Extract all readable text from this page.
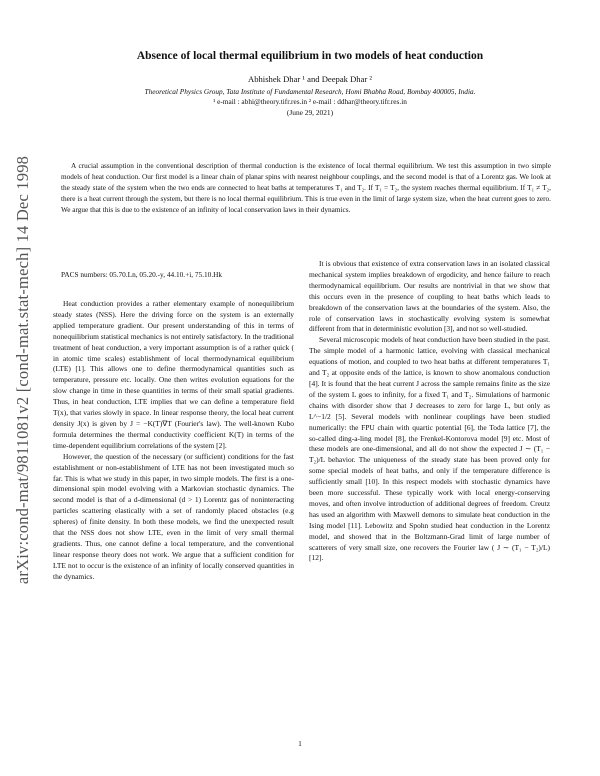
arXiv:cond-mat/9811081v2 [cond-mat.stat-mech] 14 Dec 1998
Absence of local thermal equilibrium in two models of heat conduction
Abhishek Dhar ¹ and Deepak Dhar ²
Theoretical Physics Group, Tata Institute of Fundamental Research, Homi Bhabha Road, Bombay 400005, India.
¹ e-mail : abhi@theory.tifr.res.in ² e-mail : ddhar@theory.tifr.res.in
(June 29, 2021)
A crucial assumption in the conventional description of thermal conduction is the existence of local thermal equilibrium. We test this assumption in two simple models of heat conduction. Our first model is a linear chain of planar spins with nearest neighbour couplings, and the second model is that of a Lorentz gas. We look at the steady state of the system when the two ends are connected to heat baths at temperatures T₁ and T₂. If T₁ = T₂, the system reaches thermal equilibrium. If T₁ ≠ T₂, there is a heat current through the system, but there is no local thermal equilibrium. This is true even in the limit of large system size, when the heat current goes to zero. We argue that this is due to the existence of an infinity of local conservation laws in their dynamics.
PACS numbers: 05.70.Ln, 05.20.-y, 44.10.+i, 75.10.Hk

Heat conduction provides a rather elementary example of nonequilibrium steady states (NSS). Here the driving force on the system is an externally applied temperature gradient. Our present understanding of this in terms of nonequilibrium statistical mechanics is not entirely satisfactory. In the traditional treatment of heat conduction, a very important assumption is of a rather quick ( in atomic time scales) establishment of local thermodynamical equilibrium (LTE) [1]. This allows one to define thermodynamical quantities such as temperature, pressure etc. locally. One then writes evolution equations for the slow change in time in these quantities in terms of their small spatial gradients. Thus, in heat conduction, LTE implies that we can define a temperature field T(x), that varies slowly in space. In linear response theory, the local heat current density J(x) is given by J = −K(T)∇T (Fourier's law). The well-known Kubo formula determines the thermal conductivity coefficient K(T) in terms of the time-dependent equilibrium correlations of the system [2].

However, the question of the necessary (or sufficient) conditions for the fast establishment or non-establishment of LTE has not been investigated much so far. This is what we study in this paper, in two simple models. The first is a one-dimensional spin model evolving with a Markovian stochastic dynamics. The second model is that of a d-dimensional (d > 1) Lorentz gas of noninteracting particles scattering elastically with a set of randomly placed obstacles (e.g spheres) of finite density. In both these models, we find the unexpected result that the NSS does not show LTE, even in the limit of very small thermal gradients. Thus, one cannot define a local temperature, and the conventional linear response theory does not work. We argue that a sufficient condition for LTE not to occur is the existence of an infinity of locally conserved quantities in the dynamics.

It is obvious that existence of extra conservation laws in an isolated classical mechanical system implies breakdown of ergodicity, and hence failure to reach thermodynamical equilibrium. Our results are nontrivial in that we show that this occurs even in the presence of coupling to heat baths which leads to breakdown of the conservation laws at the boundaries of the system. Also, the role of conservation laws in stochastically evolving system is somewhat different from that in deterministic evolution [3], and not so well-studied.

Several microscopic models of heat conduction have been studied in the past. The simple model of a harmonic lattice, evolving with classical mechanical equations of motion, and coupled to two heat baths at different temperatures T₁ and T₂ at opposite ends of the lattice, is known to show anomalous conduction [4]. It is found that the heat current J across the sample remains finite as the size of the system L goes to infinity, for a fixed T₁ and T₂. Simulations of harmonic chains with disorder show that J decreases to zero for large L, but only as L^−1/2 [5]. Several models with nonlinear couplings have been studied numerically: the FPU chain with quartic potential [6], the Toda lattice [7], the so-called ding-a-ling model [8], the Frenkel-Kontorova model [9] etc. Most of these models are one-dimensional, and all do not show the expected J ∼ (T₁ − T₂)/L behavior. The uniqueness of the steady state has been proved only for some special models of heat baths, and only if the temperature difference is sufficiently small [10]. In this respect models with stochastic dynamics have been more successful. These typically work with local energy-conserving moves, and often involve introduction of additional degrees of freedom. Creutz has used an algorithm with Maxwell demons to simulate heat conduction in the Ising model [11]. Lebowitz and Spohn studied heat conduction in the Lorentz model, and showed that in the Boltzmann-Grad limit of large number of scatterers of very small size, one recovers the Fourier law ( J ∼ (T₁ − T₂)/L) [12].

1
